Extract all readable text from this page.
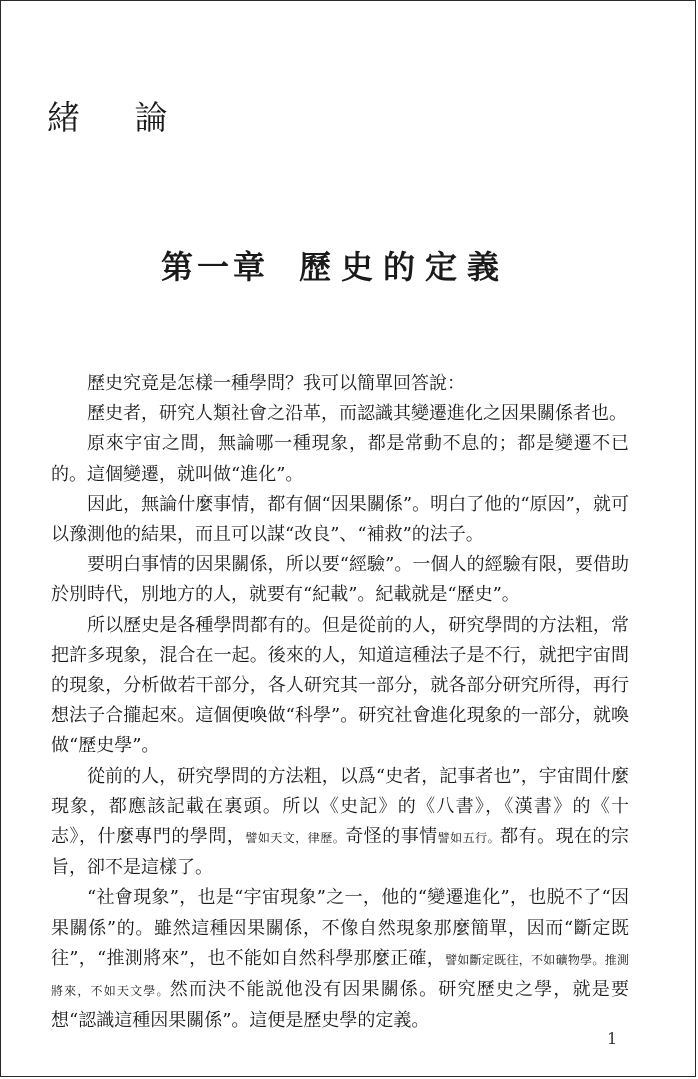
緒 論
第一章 歷史的定義

歷史究竟是怎樣一種學問？我可以簡單回答說：

歷史者，研究人類社會之沿革，而認識其變遷進化之因果關係者也。

原來宇宙之間，無論哪一種現象，都是常動不息的；都是變遷不已的。這個變遷，就叫做“進化”。

因此，無論什麼事情，都有個“因果關係”。明白了他的“原因”，就可以豫測他的結果，而且可以謀“改良”、“補救”的法子。

要明白事情的因果關係，所以要“經驗”。一個人的經驗有限，要借助於別時代，別地方的人，就要有“紀載”。紀載就是“歷史”。

所以歷史是各種學問都有的。但是從前的人，研究學問的方法粗，常把許多現象，混合在一起。後來的人，知道這種法子是不行，就把宇宙間的現象，分析做若干部分，各人研究其一部分，就各部分研究所得，再行想法子合攏起來。這個便喚做“科學”。研究社會進化現象的一部分，就喚做“歷史學”。

從前的人，研究學問的方法粗，以爲“史者，記事者也”，宇宙間什麼現象，都應該記載在裏頭。所以《史記》的《八書》，《漢書》的《十志》，什麼專門的學問，譬如天文，律歷。奇怪的事情譬如五行。都有。現在的宗旨，卻不是這樣了。

“社會現象”，也是“宇宙現象”之一，他的“變遷進化”，也脱不了“因果關係”的。雖然這種因果關係，不像自然現象那麼簡單，因而“斷定既往”，“推測將來”，也不能如自然科學那麼正確，譬如斷定既往，不如礦物學。推測將來，不如天文學。然而決不能説他没有因果關係。研究歷史之學，就是要想“認識這種因果關係”。這便是歷史學的定義。

1
